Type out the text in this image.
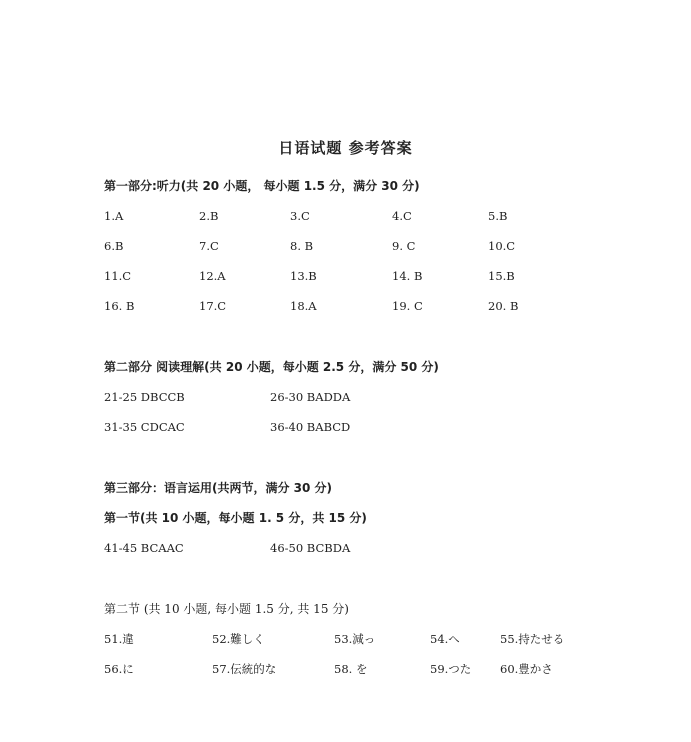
日语试题 参考答案
第一部分:听力(共 20 小题， 每小题 1.5 分，满分 30 分)
1.A	2.B	3.C	4.C	5.B
6.B	7.C	8. B	9. C	10.C
11.C	12.A	13.B	14. B	15.B
16. B	17.C	18.A	19. C	20. B
第二部分 阅读理解(共 20 小题，每小题 2.5 分，满分 50 分)
21-25 DBCCB	26-30 BADDA
31-35 CDCAC	36-40 BABCD
第三部分：语言运用(共两节，满分 30 分)
第一节(共 10 小题，每小题 1. 5 分，共 15 分)
41-45 BCAAC	46-50 BCBDA
第二节 (共 10 小题, 每小题 1.5 分, 共 15 分)
51.違	52.難しく	53.減っ	54.へ	55.持たせる
56.に	57.伝統的な	58. を	59.つた 60.豊かさ
